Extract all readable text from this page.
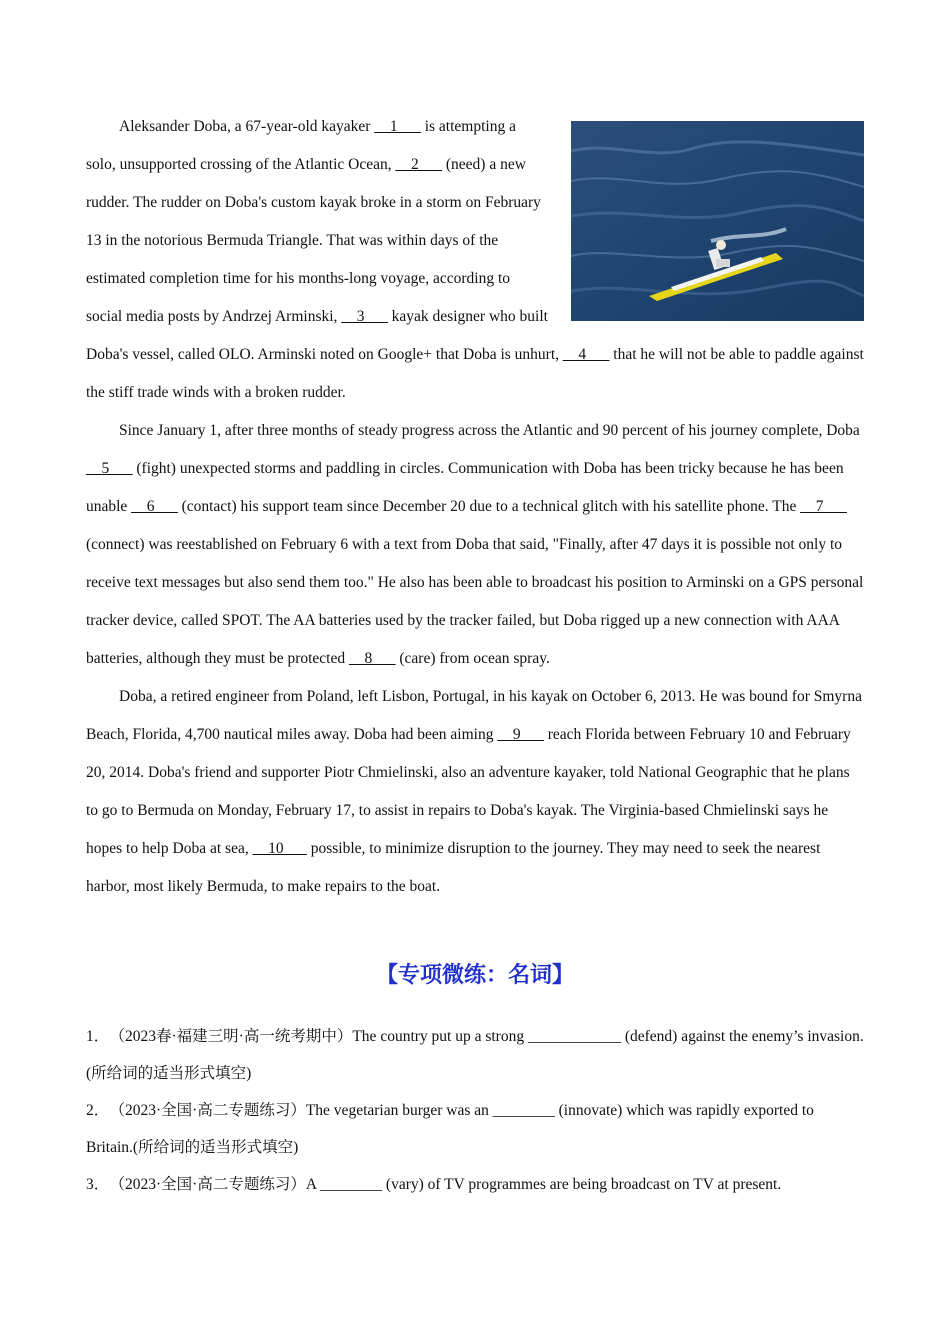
Aleksander Doba, a 67-year-old kayaker __1___ is attempting a solo, unsupported crossing of the Atlantic Ocean, __2___ (need) a new rudder. The rudder on Doba's custom kayak broke in a storm on February 13 in the notorious Bermuda Triangle. That was within days of the estimated completion time for his months-long voyage, according to social media posts by Andrzej Arminski, __3___ kayak designer who built Doba's vessel, called OLO. Arminski noted on Google+ that Doba is unhurt, __4___ that he will not be able to paddle against the stiff trade winds with a broken rudder.

Since January 1, after three months of steady progress across the Atlantic and 90 percent of his journey complete, Doba __5___ (fight) unexpected storms and paddling in circles. Communication with Doba has been tricky because he has been unable __6___ (contact) his support team since December 20 due to a technical glitch with his satellite phone. The __7___ (connect) was reestablished on February 6 with a text from Doba that said, "Finally, after 47 days it is possible not only to receive text messages but also send them too." He also has been able to broadcast his position to Arminski on a GPS personal tracker device, called SPOT. The AA batteries used by the tracker failed, but Doba rigged up a new connection with AAA batteries, although they must be protected __8___ (care) from ocean spray.

Doba, a retired engineer from Poland, left Lisbon, Portugal, in his kayak on October 6, 2013. He was bound for Smyrna Beach, Florida, 4,700 nautical miles away. Doba had been aiming __9___ reach Florida between February 10 and February 20, 2014. Doba's friend and supporter Piotr Chmielinski, also an adventure kayaker, told National Geographic that he plans to go to Bermuda on Monday, February 17, to assist in repairs to Doba's kayak. The Virginia-based Chmielinski says he hopes to help Doba at sea, __10___ possible, to minimize disruption to the journey. They may need to seek the nearest harbor, most likely Bermuda, to make repairs to the boat.

【专项微练：名词】

1． （2023春·福建三明·高一统考期中）The country put up a strong ____________ (defend) against the enemy’s invasion. (所给词的适当形式填空)

2． （2023·全国·高二专题练习）The vegetarian burger was an ________ (innovate) which was rapidly exported to Britain.(所给词的适当形式填空)

3． （2023·全国·高二专题练习）A ________ (vary) of TV programmes are being broadcast on TV at present.
